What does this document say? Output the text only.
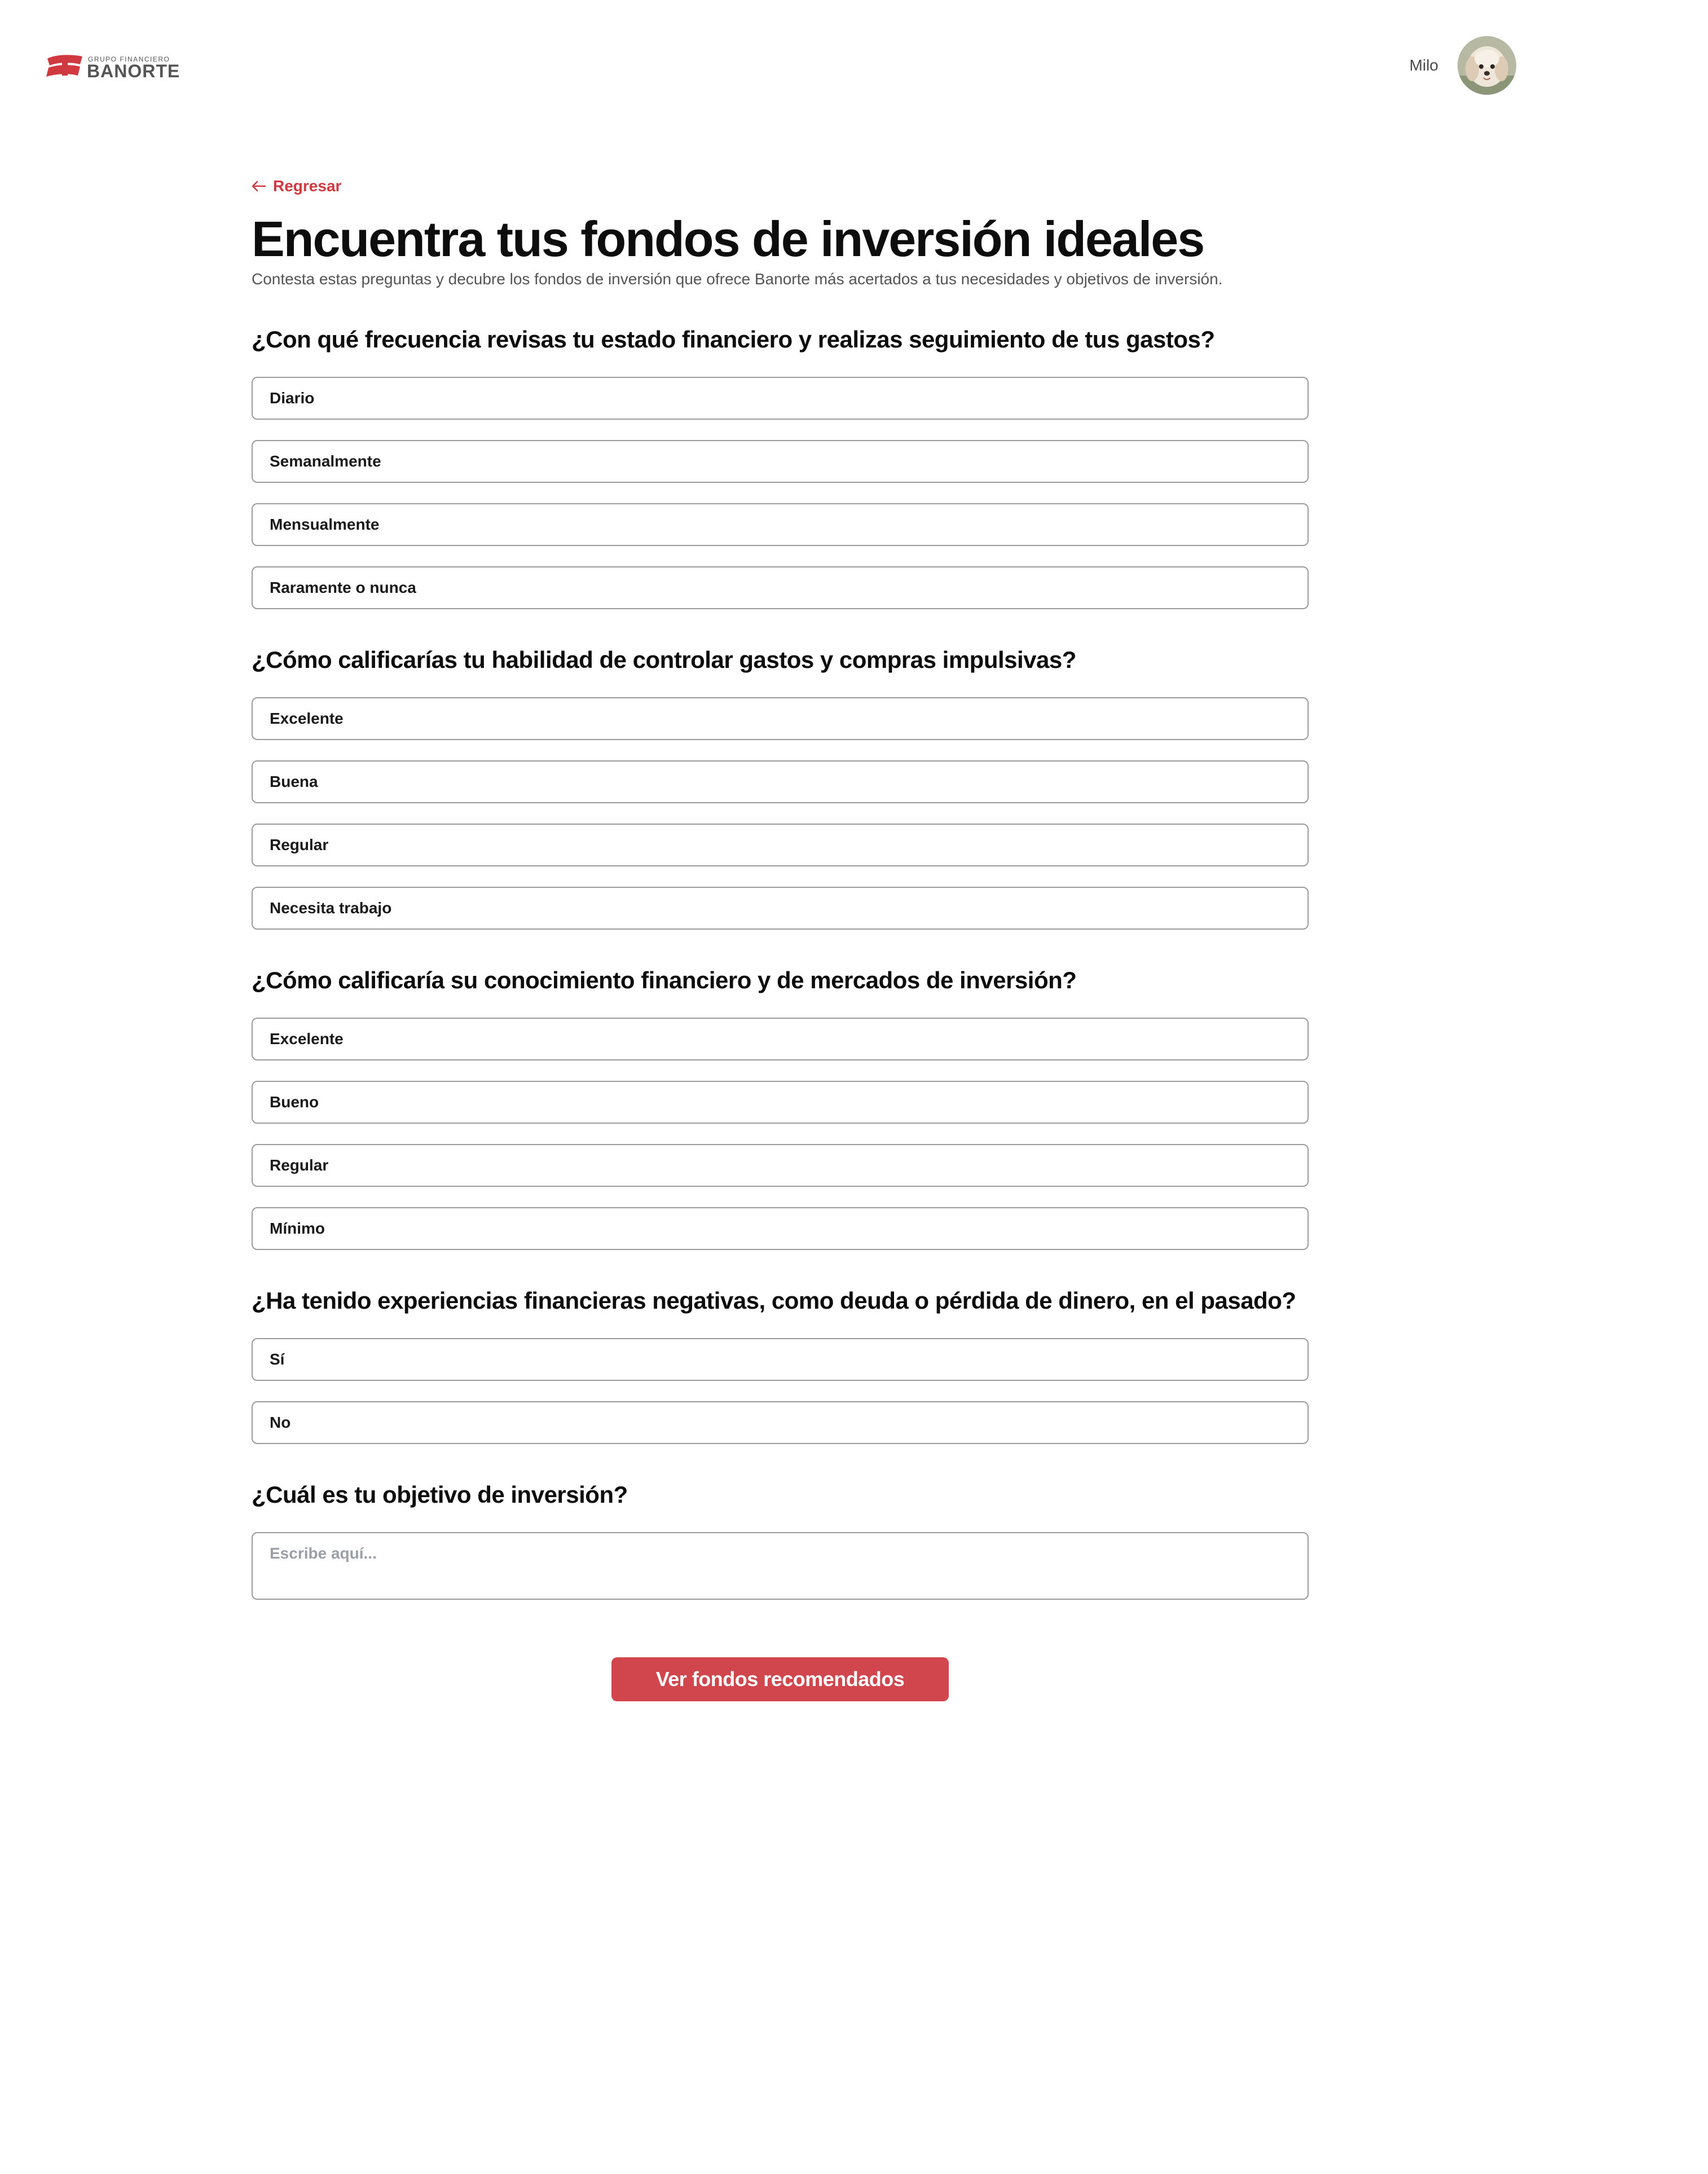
GRUPO FINANCIERO
BANORTE	Milo
Regresar
Encuentra tus fondos de inversión ideales

Contesta estas preguntas y decubre los fondos de inversión que ofrece Banorte más acertados a tus necesidades y objetivos de inversión.

¿Con qué frecuencia revisas tu estado financiero y realizas seguimiento de tus gastos?
Diario
Semanalmente
Mensualmente
Raramente o nunca
¿Cómo calificarías tu habilidad de controlar gastos y compras impulsivas?
Excelente
Buena
Regular
Necesita trabajo
¿Cómo calificaría su conocimiento financiero y de mercados de inversión?
Excelente
Bueno
Regular
Mínimo
¿Ha tenido experiencias financieras negativas, como deuda o pérdida de dinero, en el pasado?
Sí
No
¿Cuál es tu objetivo de inversión?
Escribe aquí...
Ver fondos recomendados
